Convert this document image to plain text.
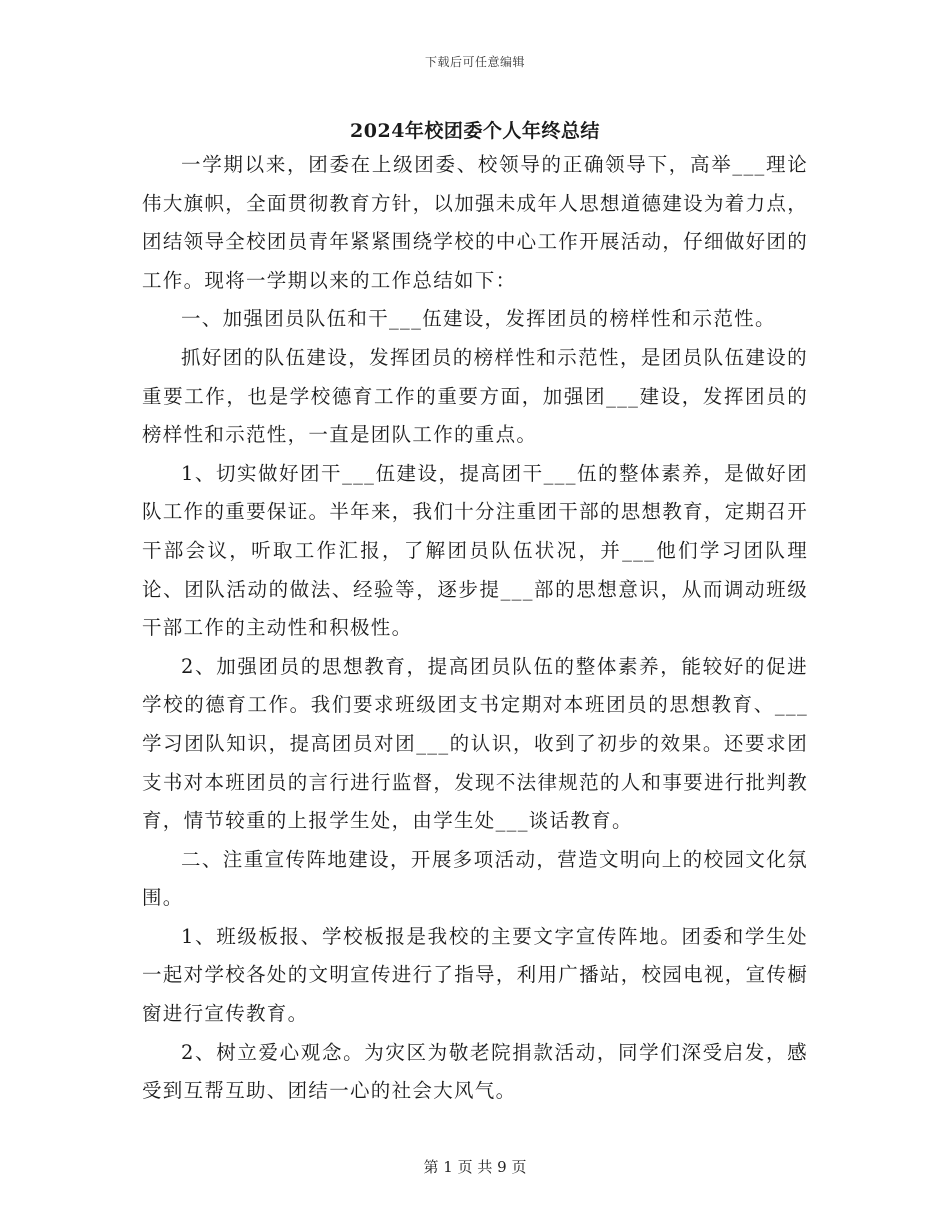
下载后可任意编辑
2024年校团委个人年终总结

一学期以来，团委在上级团委、校领导的正确领导下，高举___理论伟大旗帜，全面贯彻教育方针，以加强未成年人思想道德建设为着力点，团结领导全校团员青年紧紧围绕学校的中心工作开展活动，仔细做好团的工作。现将一学期以来的工作总结如下：

一、加强团员队伍和干___伍建设，发挥团员的榜样性和示范性。

抓好团的队伍建设，发挥团员的榜样性和示范性，是团员队伍建设的重要工作，也是学校德育工作的重要方面，加强团___建设，发挥团员的榜样性和示范性，一直是团队工作的重点。

1、切实做好团干___伍建设，提高团干___伍的整体素养，是做好团队工作的重要保证。半年来，我们十分注重团干部的思想教育，定期召开干部会议，听取工作汇报，了解团员队伍状况，并___他们学习团队理论、团队活动的做法、经验等，逐步提___部的思想意识，从而调动班级干部工作的主动性和积极性。

2、加强团员的思想教育，提高团员队伍的整体素养，能较好的促进学校的德育工作。我们要求班级团支书定期对本班团员的思想教育、___学习团队知识，提高团员对团___的认识，收到了初步的效果。还要求团支书对本班团员的言行进行监督，发现不法律规范的人和事要进行批判教育，情节较重的上报学生处，由学生处___谈话教育。

二、注重宣传阵地建设，开展多项活动，营造文明向上的校园文化氛围。

1、班级板报、学校板报是我校的主要文字宣传阵地。团委和学生处一起对学校各处的文明宣传进行了指导，利用广播站，校园电视，宣传橱窗进行宣传教育。

2、树立爱心观念。为灾区为敬老院捐款活动，同学们深受启发，感受到互帮互助、团结一心的社会大风气。

第 1 页 共 9 页
